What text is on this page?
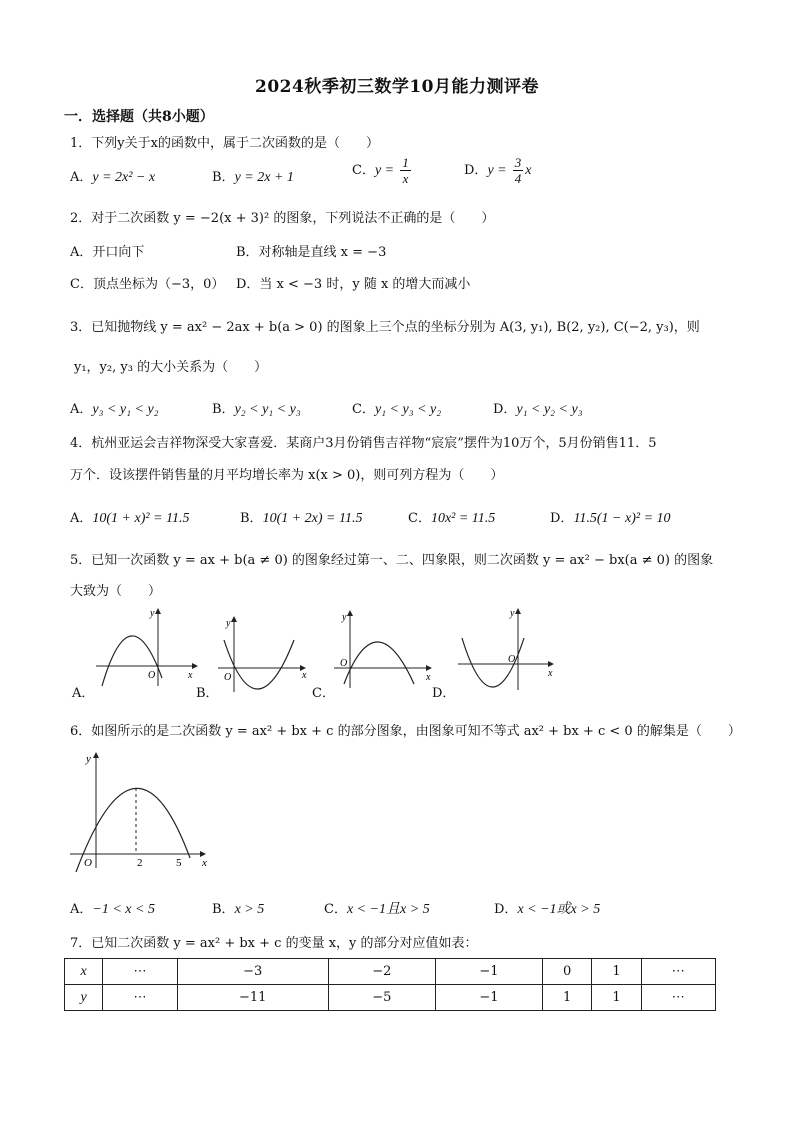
2024秋季初三数学10月能力测评卷
一．选择题（共8小题）
1．下列y关于x的函数中，属于二次函数的是（　　）
A．y = 2x² − x	B．y = 2x + 1	C．$y = \frac{1}{x}$	D．$y = \frac{3}{4}$ x
2．对于二次函数 y = −2(x + 3)² 的图象，下列说法不正确的是（　　）
A．开口向下	B．对称轴是直线 x = −3
C．顶点坐标为（−3，0） D．当 x < −3 时，y 随 x 的增大而减小
3．已知抛物线 y = ax² − 2ax + b(a > 0) 的图象上三个点的坐标分别为 A(3, y₁), B(2, y₂), C(−2, y₃)，则
y₁，y₂, y₃ 的大小关系为（　　）
A．y₃ < y₁ < y₂	B．y₂ < y₁ < y₃	C．y₁ < y₃ < y₂	D．y₁ < y₂ < y₃
4．杭州亚运会吉祥物深受大家喜爱．某商户3月份销售吉祥物“宸宸”摆件为10万个，5月份销售11．5
万个．设该摆件销售量的月平均增长率为 x(x > 0)，则可列方程为（　　）
A．10(1 + x)² = 11.5	B．10(1 + 2x) = 11.5	C．10x² = 11.5	D．11.5(1 − x)² = 10
5．已知一次函数 y = ax + b(a ≠ 0) 的图象经过第一、二、四象限，则二次函数 y = ax² − bx(a ≠ 0) 的图象
大致为（　　）
A．
x
y
O
B．
x
y
O
C．
x
y
O
D．
x
y
O
6．如图所示的是二次函数 y = ax² + bx + c 的部分图象，由图象可知不等式 ax² + bx + c < 0 的解集是（　　）
x
y
O	2	5
A．−1 < x < 5	B．x > 5	C．x < −1且x > 5	D．x < −1或x > 5
7．已知二次函数 y = ax² + bx + c 的变量 x，y 的部分对应值如表：
x	⋯	−3	−2	−1	0	1	⋯
y	⋯	−11	−5	−1	1	1	⋯
